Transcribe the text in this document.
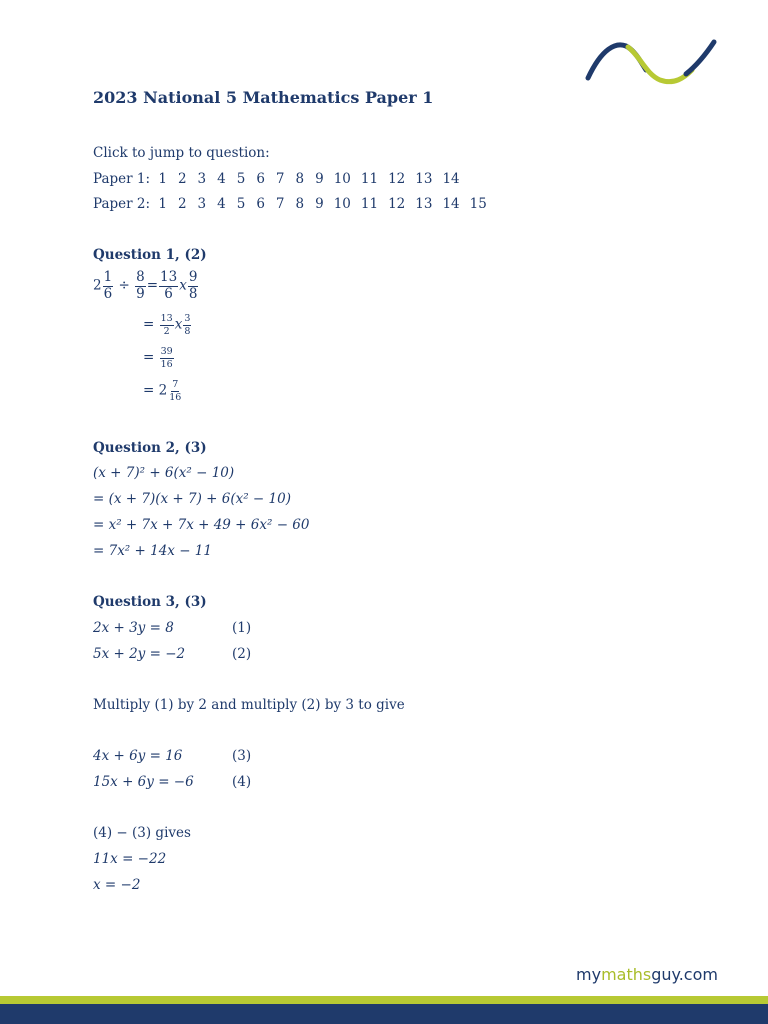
2023 National 5 Mathematics Paper 1
Click to jump to question:
Paper 1: 1 2 3 4 5 6 7 8 9 10 11 12 13 14
Paper 2: 1 2 3 4 5 6 7 8 9 10 11 12 13 14 15
Question 1, (2)
$2 \frac{1}{6} \div \frac{8}{9} = \frac{13}{6}$ x $\frac{9}{8}$
= $\frac{13}{2}$ x $\frac{3}{8}$
= $\frac{39}{16}$
= $2 \frac{7}{16}$
Question 2, (3)
(x + 7)² + 6(x² − 10)
= (x + 7)(x + 7) + 6(x² − 10)
= x² + 7x + 7x + 49 + 6x² − 60
= 7x² + 14x − 11
Question 3, (3)
2x + 3y = 8	(1)
5x + 2y = −2	(2)
Multiply (1) by 2 and multiply (2) by 3 to give
4x + 6y = 16	(3)
15x + 6y = −6	(4)
(4) − (3) gives
11x = −22
x = −2
mymathsguy.com
